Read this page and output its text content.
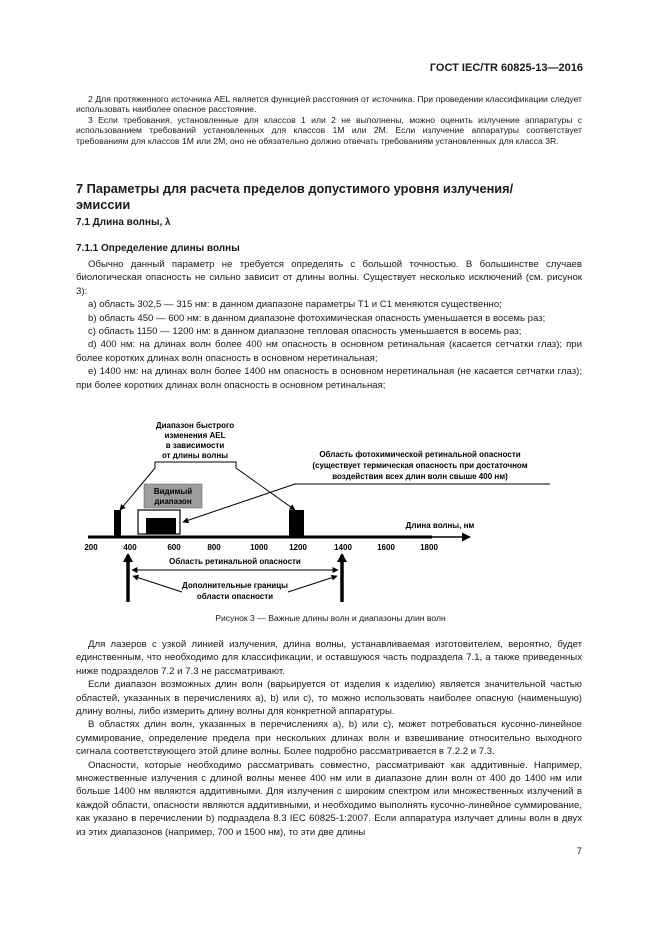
ГОСТ IEC/TR 60825-13—2016

2 Для протяженного источника AEL является функцией расстояния от источника. При проведении классификации следует использовать наиболее опасное расстояние.

3 Если требования, установленные для классов 1 или 2 не выполнены, можно оценить излучение аппаратуры с использованием требований установленных для классов 1M или 2M. Если излучение аппаратуры соответствует требованиям для классов 1M или 2M, оно не обязательно должно отвечать требованиям установленных для класса 3R.

7 Параметры для расчета пределов допустимого уровня излучения/эмиссии
7.1 Длина волны, λ
7.1.1 Определение длины волны

Обычно данный параметр не требуется определять с большой точностью. В большинстве случаев биологическая опасность не сильно зависит от длины волны. Существует несколько исключений (см. рисунок 3):

a) область 302,5 — 315 нм: в данном диапазоне параметры T1 и C1 меняются существенно;

b) область 450 — 600 нм: в данном диапазоне фотохимическая опасность уменьшается в восемь раз;

c) область 1150 — 1200 нм: в данном диапазоне тепловая опасность уменьшается в восемь раз;

d) 400 нм: на длинах волн более 400 нм опасность в основном ретинальная (касается сетчатки глаз); при более коротких длинах волн опасность в основном неретинальная;

e) 1400 нм: на длинах волн более 1400 нм опасность в основном неретинальная (не касается сетчатки глаз); при более коротких длинах волн опасность в основном ретинальная;

Диапазон быстрого
изменения AEL
в зависимости
от длины волны	Область фотохимической ретинальной опасности
(существует термическая опасность при достаточном
воздействия всех длин волн свыше 400 нм)
Видимый
диапазон
Длина волны, нм
200	400	600	800	1000	1200	1400	1600	1800
Область ретинальной опасности
Дополнительные границы
области опасности
Рисунок 3 — Важные длины волн и диапазоны длин волн

Для лазеров с узкой линией излучения, длина волны, устанавливаемая изготовителем, вероятно, будет единственным, что необходимо для классификации, и оставшуюся часть подраздела 7.1, а также приведенных ниже подразделов 7.2 и 7.3 не рассматривают.

Если диапазон возможных длин волн (варьируется от изделия к изделию) является значительной частью областей, указанных в перечислениях a), b) или c), то можно использовать наиболее опасную (наименьшую) длину волны, либо измерить длину волны для конкретной аппаратуры.

В областях длин волн, указанных в перечислениях a), b) или c), может потребоваться кусочно-линейное суммирование, определение предела при нескольких длинах волн и взвешивание относительно выходного сигнала соответствующего этой длине волны. Более подробно рассматривается в 7.2.2 и 7.3.

Опасности, которые необходимо рассматривать совместно, рассматривают как аддитивные. Например, множественные излучения с длиной волны менее 400 нм или в диапазоне длин волн от 400 до 1400 нм или больше 1400 нм являются аддитивными. Для излучения с широким спектром или множественных излучений в каждой области, опасности являются аддитивными, и необходимо выполнять кусочно-линейное суммирование, как указано в перечислении b) подраздела 8.3 IEC 60825-1:2007. Если аппаратура излучает длины волн в двух из этих диапазонов (например, 700 и 1500 нм), то эти две длины

7
